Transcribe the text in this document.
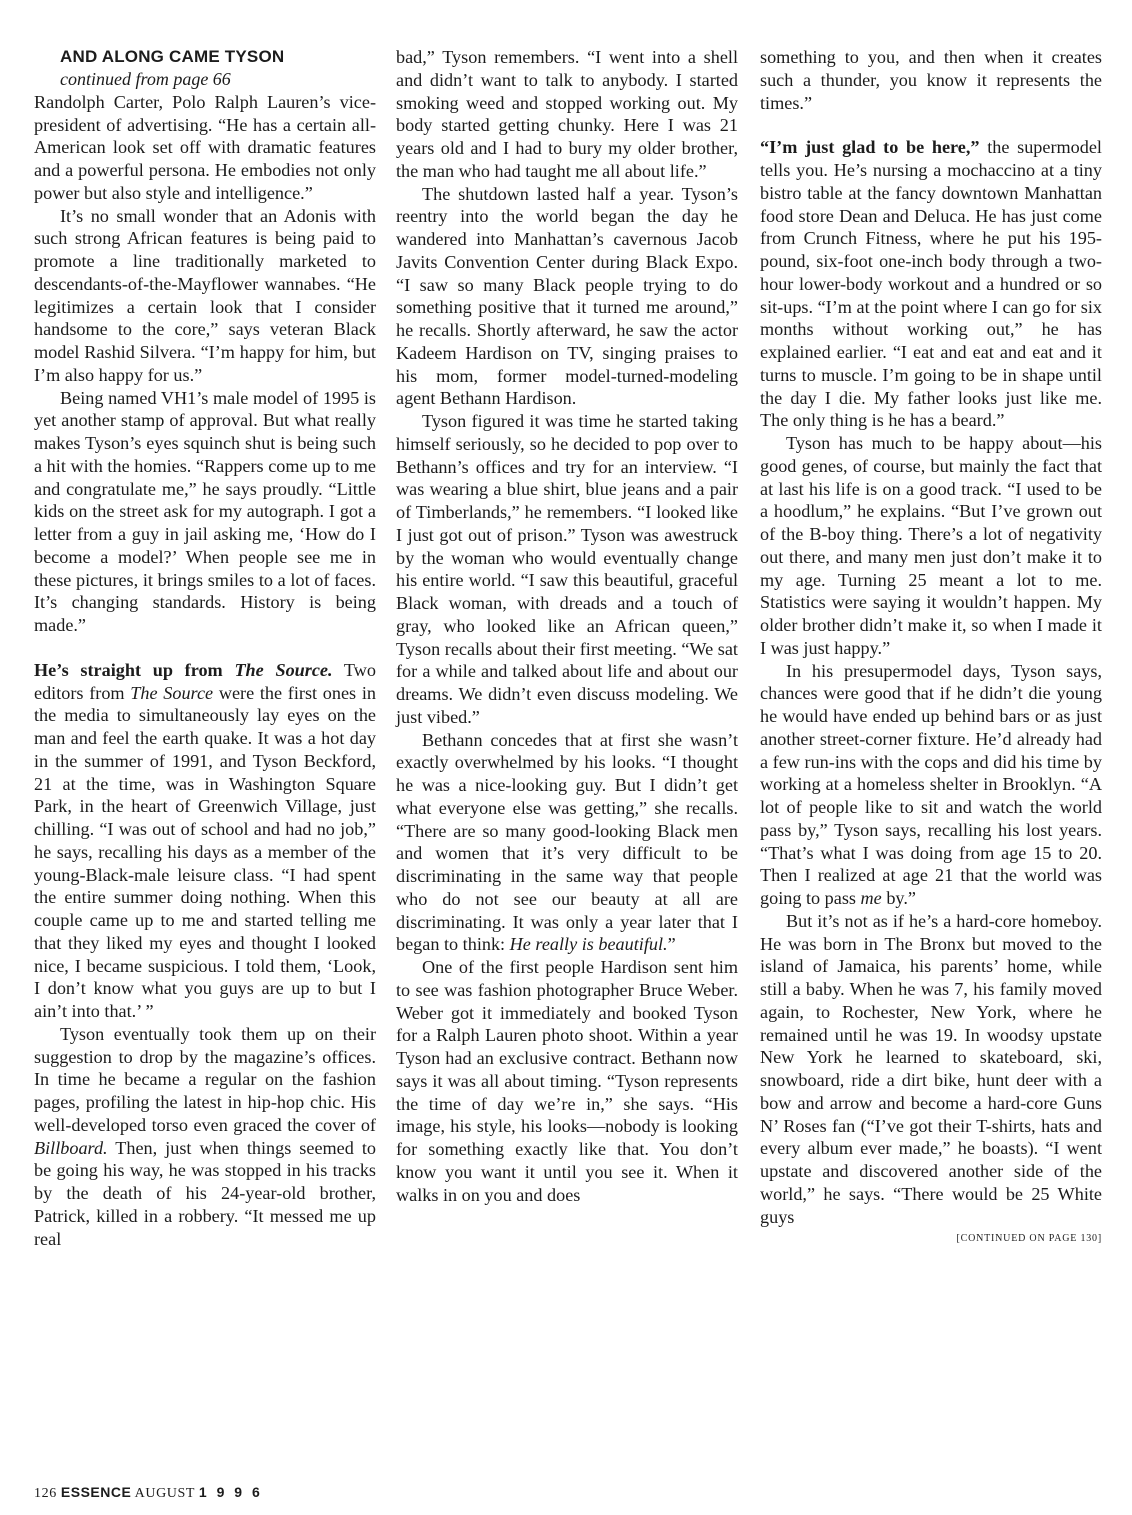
AND ALONG CAME TYSON

continued from page 66

Randolph Carter, Polo Ralph Lauren’s vice-president of advertising. “He has a certain all-American look set off with dramatic features and a powerful persona. He embodies not only power but also style and intelligence.”

It’s no small wonder that an Adonis with such strong African features is being paid to promote a line traditionally marketed to descendants-of-the-Mayflower wannabes. “He legitimizes a certain look that I consider handsome to the core,” says veteran Black model Rashid Silvera. “I’m happy for him, but I’m also happy for us.”

Being named VH1’s male model of 1995 is yet another stamp of approval. But what really makes Tyson’s eyes squinch shut is being such a hit with the homies. “Rappers come up to me and congratulate me,” he says proudly. “Little kids on the street ask for my autograph. I got a letter from a guy in jail asking me, ‘How do I become a model?’ When people see me in these pictures, it brings smiles to a lot of faces. It’s changing standards. History is being made.”

He’s straight up from The Source. Two editors from The Source were the first ones in the media to simultaneously lay eyes on the man and feel the earth quake. It was a hot day in the summer of 1991, and Tyson Beckford, 21 at the time, was in Washington Square Park, in the heart of Greenwich Village, just chilling. “I was out of school and had no job,” he says, recalling his days as a member of the young-Black-male leisure class. “I had spent the entire summer doing nothing. When this couple came up to me and started telling me that they liked my eyes and thought I looked nice, I became suspicious. I told them, ‘Look, I don’t know what you guys are up to but I ain’t into that.’ ”

Tyson eventually took them up on their suggestion to drop by the magazine’s offices. In time he became a regular on the fashion pages, profiling the latest in hip-hop chic. His well-developed torso even graced the cover of Billboard. Then, just when things seemed to be going his way, he was stopped in his tracks by the death of his 24-year-old brother, Patrick, killed in a robbery. “It messed me up real

bad,” Tyson remembers. “I went into a shell and didn’t want to talk to anybody. I started smoking weed and stopped working out. My body started getting chunky. Here I was 21 years old and I had to bury my older brother, the man who had taught me all about life.”

The shutdown lasted half a year. Tyson’s reentry into the world began the day he wandered into Manhattan’s cavernous Jacob Javits Convention Center during Black Expo. “I saw so many Black people trying to do something positive that it turned me around,” he recalls. Shortly afterward, he saw the actor Kadeem Hardison on TV, singing praises to his mom, former model-turned-modeling agent Bethann Hardison.

Tyson figured it was time he started taking himself seriously, so he decided to pop over to Bethann’s offices and try for an interview. “I was wearing a blue shirt, blue jeans and a pair of Timberlands,” he remembers. “I looked like I just got out of prison.” Tyson was awestruck by the woman who would eventually change his entire world. “I saw this beautiful, graceful Black woman, with dreads and a touch of gray, who looked like an African queen,” Tyson recalls about their first meeting. “We sat for a while and talked about life and about our dreams. We didn’t even discuss modeling. We just vibed.”

Bethann concedes that at first she wasn’t exactly overwhelmed by his looks. “I thought he was a nice-looking guy. But I didn’t get what everyone else was getting,” she recalls. “There are so many good-looking Black men and women that it’s very difficult to be discriminating in the same way that people who do not see our beauty at all are discriminating. It was only a year later that I began to think: He really is beautiful.”

One of the first people Hardison sent him to see was fashion photographer Bruce Weber. Weber got it immediately and booked Tyson for a Ralph Lauren photo shoot. Within a year Tyson had an exclusive contract. Bethann now says it was all about timing. “Tyson represents the time of day we’re in,” she says. “His image, his style, his looks—nobody is looking for something exactly like that. You don’t know you want it until you see it. When it walks in on you and does

something to you, and then when it creates such a thunder, you know it represents the times.”

“I’m just glad to be here,” the supermodel tells you. He’s nursing a mochaccino at a tiny bistro table at the fancy downtown Manhattan food store Dean and Deluca. He has just come from Crunch Fitness, where he put his 195-pound, six-foot one-inch body through a two-hour lower-body workout and a hundred or so sit-ups. “I’m at the point where I can go for six months without working out,” he has explained earlier. “I eat and eat and eat and it turns to muscle. I’m going to be in shape until the day I die. My father looks just like me. The only thing is he has a beard.”

Tyson has much to be happy about—his good genes, of course, but mainly the fact that at last his life is on a good track. “I used to be a hoodlum,” he explains. “But I’ve grown out of the B-boy thing. There’s a lot of negativity out there, and many men just don’t make it to my age. Turning 25 meant a lot to me. Statistics were saying it wouldn’t happen. My older brother didn’t make it, so when I made it I was just happy.”

In his presupermodel days, Tyson says, chances were good that if he didn’t die young he would have ended up behind bars or as just another street-corner fixture. He’d already had a few run-ins with the cops and did his time by working at a homeless shelter in Brooklyn. “A lot of people like to sit and watch the world pass by,” Tyson says, recalling his lost years. “That’s what I was doing from age 15 to 20. Then I realized at age 21 that the world was going to pass me by.”

But it’s not as if he’s a hard-core homeboy. He was born in The Bronx but moved to the island of Jamaica, his parents’ home, while still a baby. When he was 7, his family moved again, to Rochester, New York, where he remained until he was 19. In woodsy upstate New York he learned to skateboard, ski, snowboard, ride a dirt bike, hunt deer with a bow and arrow and become a hard-core Guns N’ Roses fan (“I’ve got their T-shirts, hats and every album ever made,” he boasts). “I went upstate and discovered another side of the world,” he says. “There would be 25 White guys

[CONTINUED ON PAGE 130]

126 ESSENCE AUGUST 1 9 9 6
